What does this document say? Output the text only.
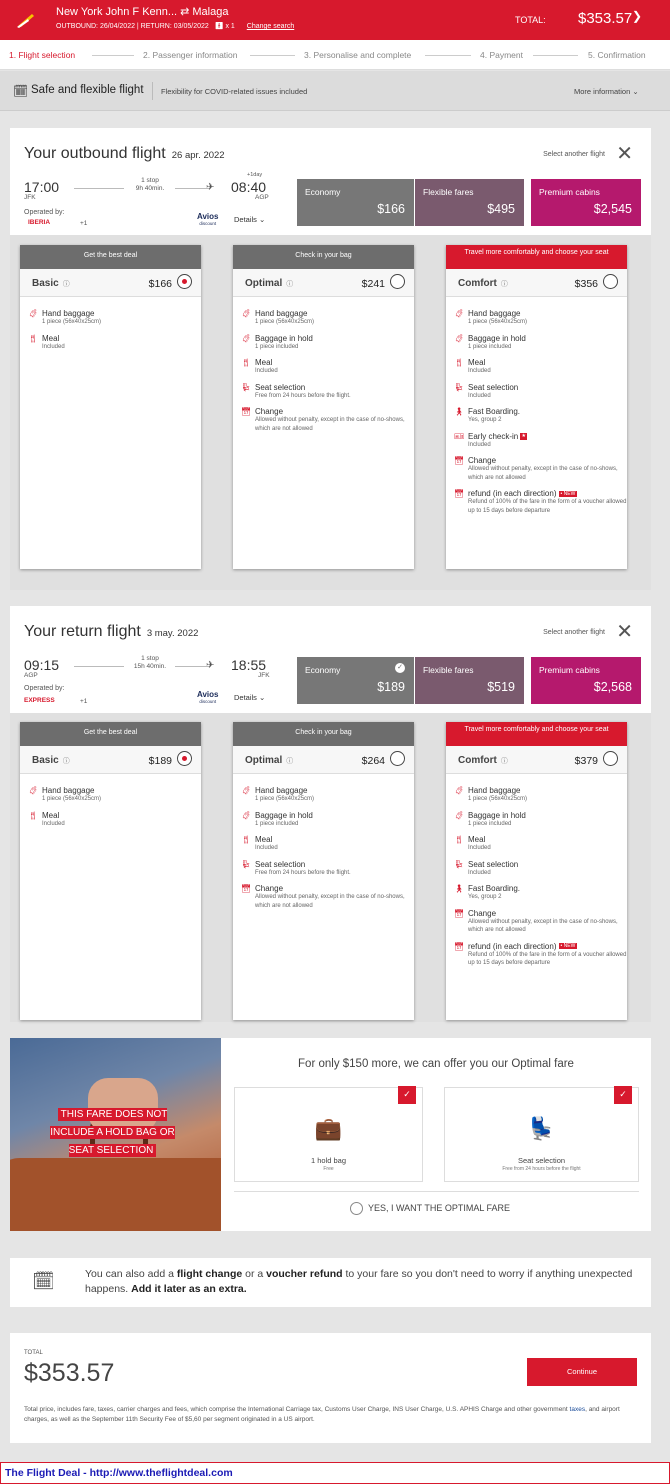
New York John F Kenn... ⇄ Malaga
OUTBOUND: 26/04/2022 | RETURN: 03/05/2022 🚹︎ x 1 Change search
TOTAL: $353.57 ❯
1. Flight selection	2. Passenger information	3. Personalise and complete	4. Payment	5. Confirmation
🗓 Safe and flexible flight Flexibility for COVID-related issues included	More information ⌄
Your outbound flight 26 apr. 2022	Select another flight ✕
17:00
JFK
1 stop
9h 40min.	✈︎
+1day
08:40
AGP
Operated by:
IBERIA	+1
Avios
discount	Details ⌄
Economy
$166
Flexible fares
$495
Premium cabins
$2,545
Get the best deal
Basic ⓘ	$166
🧳︎ Hand baggage
1 piece (56x40x25cm)
🍴︎ Meal
Included
Check in your bag
Optimal ⓘ	$241
🧳︎ Hand baggage
1 piece (56x40x25cm)
🧳︎ Baggage in hold
1 piece included
🍴︎ Meal
Included
💺︎ Seat selection
Free from 24 hours before the flight.
📅︎ Change
Allowed without penalty, except in the case of no-shows, which are not allowed
Travel more comfortably and choose your seat
Comfort ⓘ	$356
🧳︎ Hand baggage
1 piece (56x40x25cm)
🧳︎ Baggage in hold
1 piece included
🍴︎ Meal
Included
💺︎ Seat selection
Included
🚶︎ Fast Boarding.
Yes, group 2
🎫︎ Early check-in ★
Included
📅︎ Change
Allowed without penalty, except in the case of no-shows, which are not allowed
📅︎ refund (in each direction) • NEW
Refund of 100% of the fare in the form of a voucher allowed up to 15 days before departure
Your return flight 3 may. 2022	Select another flight ✕
09:15
AGP
1 stop
15h 40min.	✈︎ 18:55
JFK
Operated by:
EXPRESS	+1
Avios
discount	Details ⌄
Economy	✓
$189
Flexible fares
$519
Premium cabins
$2,568
Get the best deal
Basic ⓘ	$189
🧳︎ Hand baggage
1 piece (56x40x25cm)
🍴︎ Meal
Included
Check in your bag
Optimal ⓘ	$264
🧳︎ Hand baggage
1 piece (56x40x25cm)
🧳︎ Baggage in hold
1 piece included
🍴︎ Meal
Included
💺︎ Seat selection
Free from 24 hours before the flight.
📅︎ Change
Allowed without penalty, except in the case of no-shows, which are not allowed
Travel more comfortably and choose your seat
Comfort ⓘ	$379
🧳︎ Hand baggage
1 piece (56x40x25cm)
🧳︎ Baggage in hold
1 piece included
🍴︎ Meal
Included
💺︎ Seat selection
Included
🚶︎ Fast Boarding.
Yes, group 2
📅︎ Change
Allowed without penalty, except in the case of no-shows, which are not allowed
📅︎ refund (in each direction) • NEW
Refund of 100% of the fare in the form of a voucher allowed up to 15 days before departure
THIS FARE DOES NOT INCLUDE A HOLD BAG OR SEAT SELECTION
For only $150 more, we can offer you our Optimal fare
✓
💼
1 hold bag
Free
✓
💺
Seat selection
Free from 24 hours before the flight
YES, I WANT THE OPTIMAL FARE
🗓	You can also add a flight change or a voucher refund to your fare so you don't need to worry if anything unexpected happens. Add it later as an extra.
TOTAL
$353.57	Continue
Total price, includes fare, taxes, carrier charges and fees, which comprise the International Carriage tax, Customs User Charge, INS User Charge, U.S. APHIS Charge and other government taxes, and airport charges, as well as the September 11th Security Fee of $5,60 per segment originated in a US airport.
The Flight Deal - http://www.theflightdeal.com
